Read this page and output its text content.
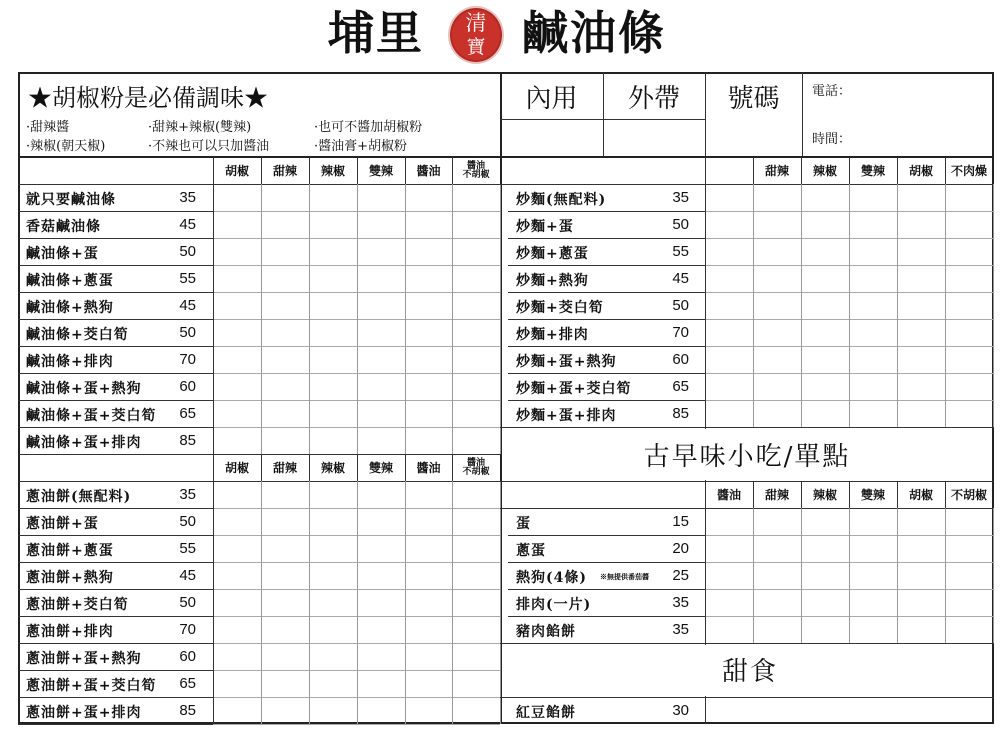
埔里	清
寶 鹹油條
★胡椒粉是必備調味★
·甜辣醬	·甜辣+辣椒(雙辣)	·也可不醬加胡椒粉
·辣椒(朝天椒)	·不辣也可以只加醬油	·醬油膏+胡椒粉
內用	外帶	號碼	電話：
時間：
胡椒	甜辣	辣椒	雙辣	醬油	醬油
不胡椒
就只要鹹油條	35
香菇鹹油條	45
鹹油條+蛋	50
鹹油條+蔥蛋	55
鹹油條+熱狗	45
鹹油條+茭白筍	50
鹹油條+排肉	70
鹹油條+蛋+熱狗	60
鹹油條+蛋+茭白筍	65
鹹油條+蛋+排肉	85
甜辣	辣椒	雙辣	胡椒	不肉燥
炒麵(無配料)	35
炒麵+蛋	50
炒麵+蔥蛋	55
炒麵+熱狗	45
炒麵+茭白筍	50
炒麵+排肉	70
炒麵+蛋+熱狗	60
炒麵+蛋+茭白筍	65
炒麵+蛋+排肉	85
胡椒	甜辣	辣椒	雙辣	醬油	醬油
不胡椒
蔥油餅(無配料)	35
蔥油餅+蛋	50
蔥油餅+蔥蛋	55
蔥油餅+熱狗	45
蔥油餅+茭白筍	50
蔥油餅+排肉	70
蔥油餅+蛋+熱狗	60
蔥油餅+蛋+茭白筍	65
蔥油餅+蛋+排肉	85
醬油	甜辣	辣椒	雙辣	胡椒	不胡椒
蛋	15
蔥蛋	20
熱狗(4條) ※無提供番茄醬	25
排肉(一片)	35
豬肉餡餅	35
紅豆餡餅	30
古早味小吃/單點
甜食
